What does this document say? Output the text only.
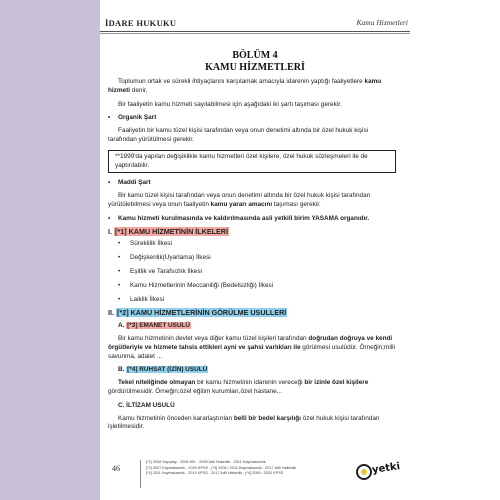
İDARE HUKUKU	Kamu Hizmetleri
BÖLÜM 4
KAMU HİZMETLERİ

Toplumun ortak ve sürekli ihtiyaçlarını karşılamak amacıyla idarenin yaptığı faaliyetlere kamu hizmeti denir.

Bir faaliyetin kamu hizmeti sayılabilmesi için aşağıdaki iki şartı taşıması gerekir.

• Organik Şart

Faaliyetin bir kamu tüzel kişisi tarafından veya onun denetimi altında bir özel hukuk kişisi tarafından yürütülmesi gerekir.

**1999'da yapılan değişiklikle kamu hizmetleri özel kişilere, özel hukuk sözleşmeleri ile de yaptırılabilir.
• Maddi Şart

Bir kamu tüzel kişisi tarafından veya onun denetimi altında bir özel hukuk kişisi tarafından yürütülebilmesi veya onun faaliyetin kamu yararı amacını taşıması gerekir.

• Kamu hizmeti kurulmasında ve kaldırılmasında asli yetkili birim YASAMA organıdır.
I. [*1] KAMU HİZMETİNİN İLKELERİ
• Süreklilik İlkesi
• Değişkenlik(Uyarlama) İlkesi
• Eşitlik ve Tarafsızlık İlkesi
• Kamu Hizmetlerinin Meccaniliği (Bedelsizliği) İlkesi
• Laiklik İlkesi
II. [*2] KAMU HİZMETLERİNİN GÖRÜLME USULLERİ
A. [*3] EMANET USULÜ

Bir kamu hizmetinin devlet veya diğer kamu tüzel kişileri tarafından doğrudan doğruya ve kendi örgütleriyle ve hizmete tahsis ettikleri ayni ve şahsi varlıkları ile görülmesi usulüdür. Örneğin;milli savunma, adalet ...

B. [*4] RUHSAT (İZİN) USULÜ

Tekel niteliğinde olmayan bir kamu hizmetinin idarenin vereceği bir izinle özel kişilere gördürülmesidir. Örneğin;özel eğitim kurumları,özel hastane...

C. İLTİZAM USULÜ

Kamu hizmetinin önceden kararlaştırılan belli bir bedel karşılığı özel hukuk kişisi tarafından işletilmesidir.

46
[*1] 2006 Sayıştay - 2006 KİK - 2008 Adli Hakimlik - 2011 Kaymakamlık
[*2] 2007 Kaymakamlık - 2020 KPSS - [*3] 2006 / 2011 Kaymakamlık - 2017 Adli Hakimlik
[*3] 2011 Kaymakamlık - 2014 KPSS - 2017 Adli Hakimlik ; [*4] 2006 / 2020 KPSS	yetki
